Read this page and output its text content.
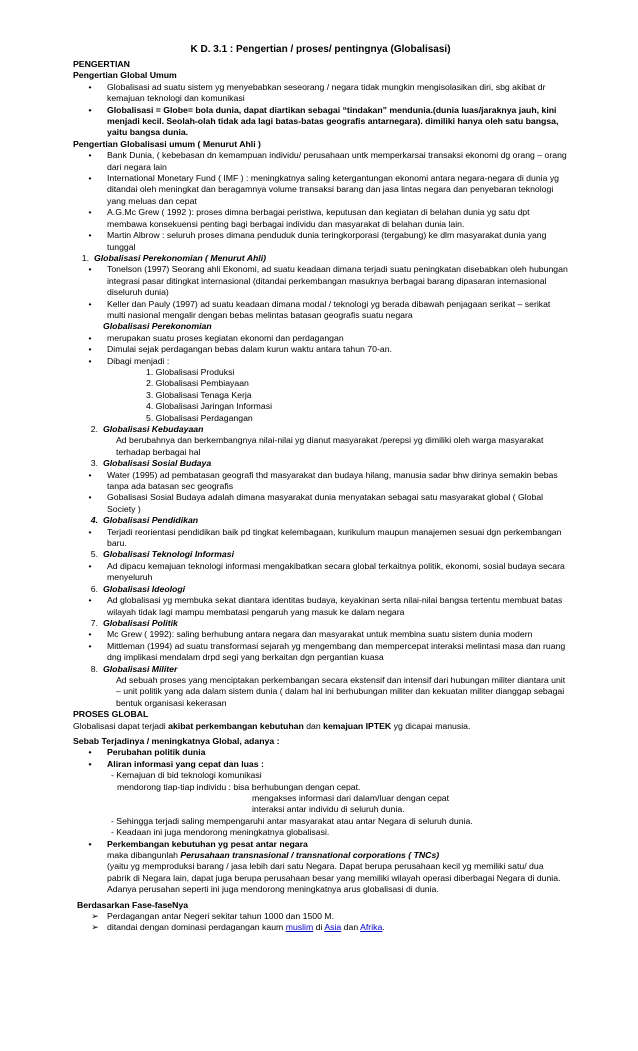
K D. 3.1 : Pengertian / proses/ pentingnya (Globalisasi)
PENGERTIAN
Pengertian Global Umum
•	Globalisasi ad suatu sistem yg menyebabkan seseorang / negara tidak mungkin mengisolasikan diri, sbg akibat dr kemajuan teknologi dan komunikasi
•	Globalisasi = Globe= bola dunia, dapat diartikan sebagai “tindakan” mendunia.(dunia luas/jaraknya jauh, kini menjadi kecil. Seolah-olah tidak ada lagi batas-batas geografis antarnegara). dimiliki hanya oleh satu bangsa, yaitu bangsa dunia.
Pengertian Globalisasi umum ( Menurut Ahli )
•	Bank Dunia, ( kebebasan dn kemampuan individu/ perusahaan untk memperkarsai transaksi ekonomi dg orang – orang dari negara lain
•	International Monetary Fund ( IMF ) : meningkatnya saling ketergantungan ekonomi antara negara-negara di dunia yg ditandai oleh meningkat dan beragamnya volume transaksi barang dan jasa lintas negara dan penyebaran teknologi yang meluas dan cepat
•	A.G.Mc Grew ( 1992 ): proses dimna berbagai peristiwa, keputusan dan kegiatan di belahan dunia yg satu dpt membawa konsekuensi penting bagi berbagai individu dan masyarakat di belahan dunia lain.
•	Martin Albrow : seluruh proses dimana penduduk dunia teringkorporasi (tergabung) ke dlm masyarakat dunia yang tunggal
1. Globalisasi Perekonomian ( Menurut Ahli)
•	Tonelson (1997) Seorang ahli Ekonomi, ad suatu keadaan dimana terjadi suatu peningkatan disebabkan oleh hubungan integrasi pasar ditingkat internasional (ditandai perkembangan masuknya berbagai barang dipasaran internasional diseluruh dunia)
•	Keller dan Pauly (1997) ad suatu keadaan dimana modal / teknologi yg berada dibawah penjagaan serikat – serikat multi nasional mengalir dengan bebas melintas batasan geografis suatu negara
Globalisasi Perekonomian
•	merupakan suatu proses kegiatan ekonomi dan perdagangan
•	Dimulai sejak perdagangan bebas dalam kurun waktu antara tahun 70-an.
•	Dibagi menjadi :
1. Globalisasi Produksi
2. Globalisasi Pembiayaan
3. Globalisasi Tenaga Kerja
4. Globalisasi Jaringan Informasi
5. Globalisasi Perdagangan
2. Globalisasi Kebudayaan
Ad berubahnya dan berkembangnya nilai-nilai yg dianut masyarakat /perepsi yg dimiliki oleh warga masyarakat terhadap berbagai hal
3. Globalisasi Sosial Budaya
•	Water (1995) ad pembatasan geografi thd masyarakat dan budaya hilang, manusia sadar bhw dirinya semakin bebas tanpa ada batasan sec geografis
•	Gobalisasi Sosial Budaya adalah dimana masyarakat dunia menyatakan sebagai satu masyarakat global ( Global Society )
4. Globalisasi Pendidikan
•	Terjadi reorientasi pendidikan baik pd tingkat kelembagaan, kurikulum maupun manajemen sesuai dgn perkembangan baru.
5. Globalisasi Teknologi Informasi
•	Ad dipacu kemajuan teknologi informasi mengakibatkan secara global terkaitnya politik, ekonomi, sosial budaya secara menyeluruh
6. Globalisasi Ideologi
•	Ad globalisasi yg membuka sekat diantara identitas budaya, keyakinan serta nilai-nilai bangsa tertentu membuat batas wilayah tidak lagi mampu membatasi pengaruh yang masuk ke dalam negara
7. Globalisasi Politik
•	Mc Grew ( 1992): saling berhubung antara negara dan masyarakat untuk membina suatu sistem dunia modern
•	Mittleman (1994) ad suatu transformasi sejarah yg mengembang dan mempercepat interaksi melintasi masa dan ruang dng implikasi mendalam drpd segi yang berkaitan dgn pergantian kuasa
8. Globalisasi Militer
Ad sebuah proses yang menciptakan perkembangan secara ekstensif dan intensif dari hubungan militer diantara unit – unit politik yang ada dalam sistem dunia ( dalam hal ini berhubungan militer dan kekuatan militer dianggap sebagai bentuk organisasi kekerasan
PROSES GLOBAL
Globalisasi dapat terjadi akibat perkembangan kebutuhan dan kemajuan IPTEK yg dicapai manusia.
Sebab Terjadinya / meningkatnya Global, adanya :
•	Perubahan politik dunia
•	Aliran informasi yang cepat dan luas :
- Kemajuan di bid teknologi komunikasi
mendorong tiap-tiap individu : bisa berhubungan dengan cepat.
mengakses informasi dari dalam/luar dengan cepat
interaksi antar individu di seluruh dunia.
- Sehingga terjadi saling mempengaruhi antar masyarakat atau antar Negara di seluruh dunia.
- Keadaan ini juga mendorong meningkatnya globalisasi.
•	Perkembangan kebutuhan yg pesat antar negara
maka dibangunlah Perusahaan transnasional / transnational corporations ( TNCs)
(yaitu yg memproduksi barang / jasa lebih dari satu Negara. Dapat berupa perusahaan kecil yg memiliki satu/ dua pabrik di Negara lain, dapat juga berupa perusahaan besar yang memiliki wilayah operasi diberbagai Negara di dunia. Adanya perusahan seperti ini juga mendorong meningkatnya arus globalisasi di dunia.
Berdasarkan Fase-faseNya
➢ Perdagangan antar Negeri sekitar tahun 1000 dan 1500 M.
➢ ditandai dengan dominasi perdagangan kaum muslim di Asia dan Afrika.
